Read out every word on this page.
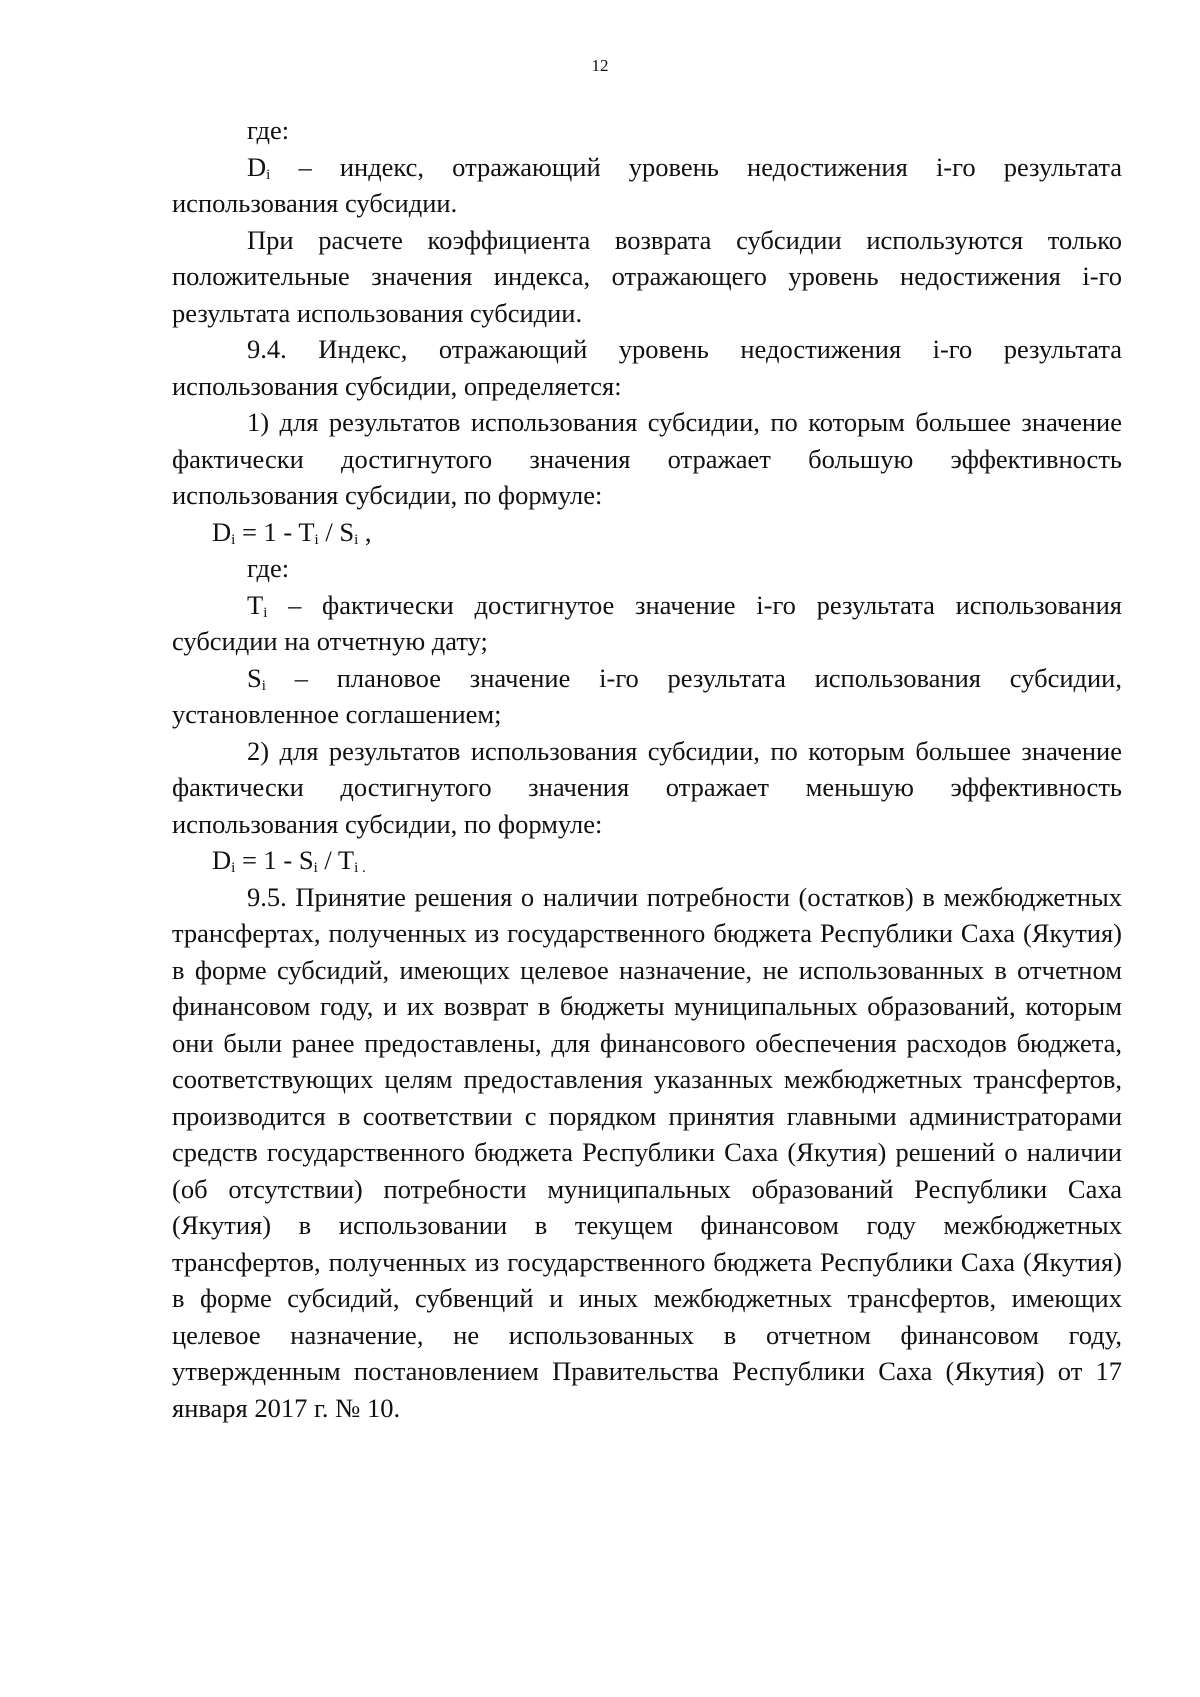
12

где:

$D_i$ – индекс, отражающий уровень недостижения i-го результата использования субсидии.

При расчете коэффициента возврата субсидии используются только положительные значения индекса, отражающего уровень недостижения i-го результата использования субсидии.

9.4. Индекс, отражающий уровень недостижения i-го результата использования субсидии, определяется:

1) для результатов использования субсидии, по которым большее значение фактически достигнутого значения отражает большую эффективность использования субсидии, по формуле:

$D_i = 1 - T_i / S_i$ ,

где:

$T_i$ – фактически достигнутое значение i-го результата использования субсидии на отчетную дату;

$S_i$ – плановое значение i-го результата использования субсидии, установленное соглашением;

2) для результатов использования субсидии, по которым большее значение фактически достигнутого значения отражает меньшую эффективность использования субсидии, по формуле:

$D_i = 1 - S_i / T_{i .}$

9.5. Принятие решения о наличии потребности (остатков) в межбюджетных трансфертах, полученных из государственного бюджета Республики Саха (Якутия) в форме субсидий, имеющих целевое назначение, не использованных в отчетном финансовом году, и их возврат в бюджеты муниципальных образований, которым они были ранее предоставлены, для финансового обеспечения расходов бюджета, соответствующих целям предоставления указанных межбюджетных трансфертов, производится в соответствии с порядком принятия главными администраторами средств государственного бюджета Республики Саха (Якутия) решений о наличии (об отсутствии) потребности муниципальных образований Республики Саха (Якутия) в использовании в текущем финансовом году межбюджетных трансфертов, полученных из государственного бюджета Республики Саха (Якутия) в форме субсидий, субвенций и иных межбюджетных трансфертов, имеющих целевое назначение, не использованных в отчетном финансовом году, утвержденным постановлением Правительства Республики Саха (Якутия) от 17 января 2017 г. № 10.
